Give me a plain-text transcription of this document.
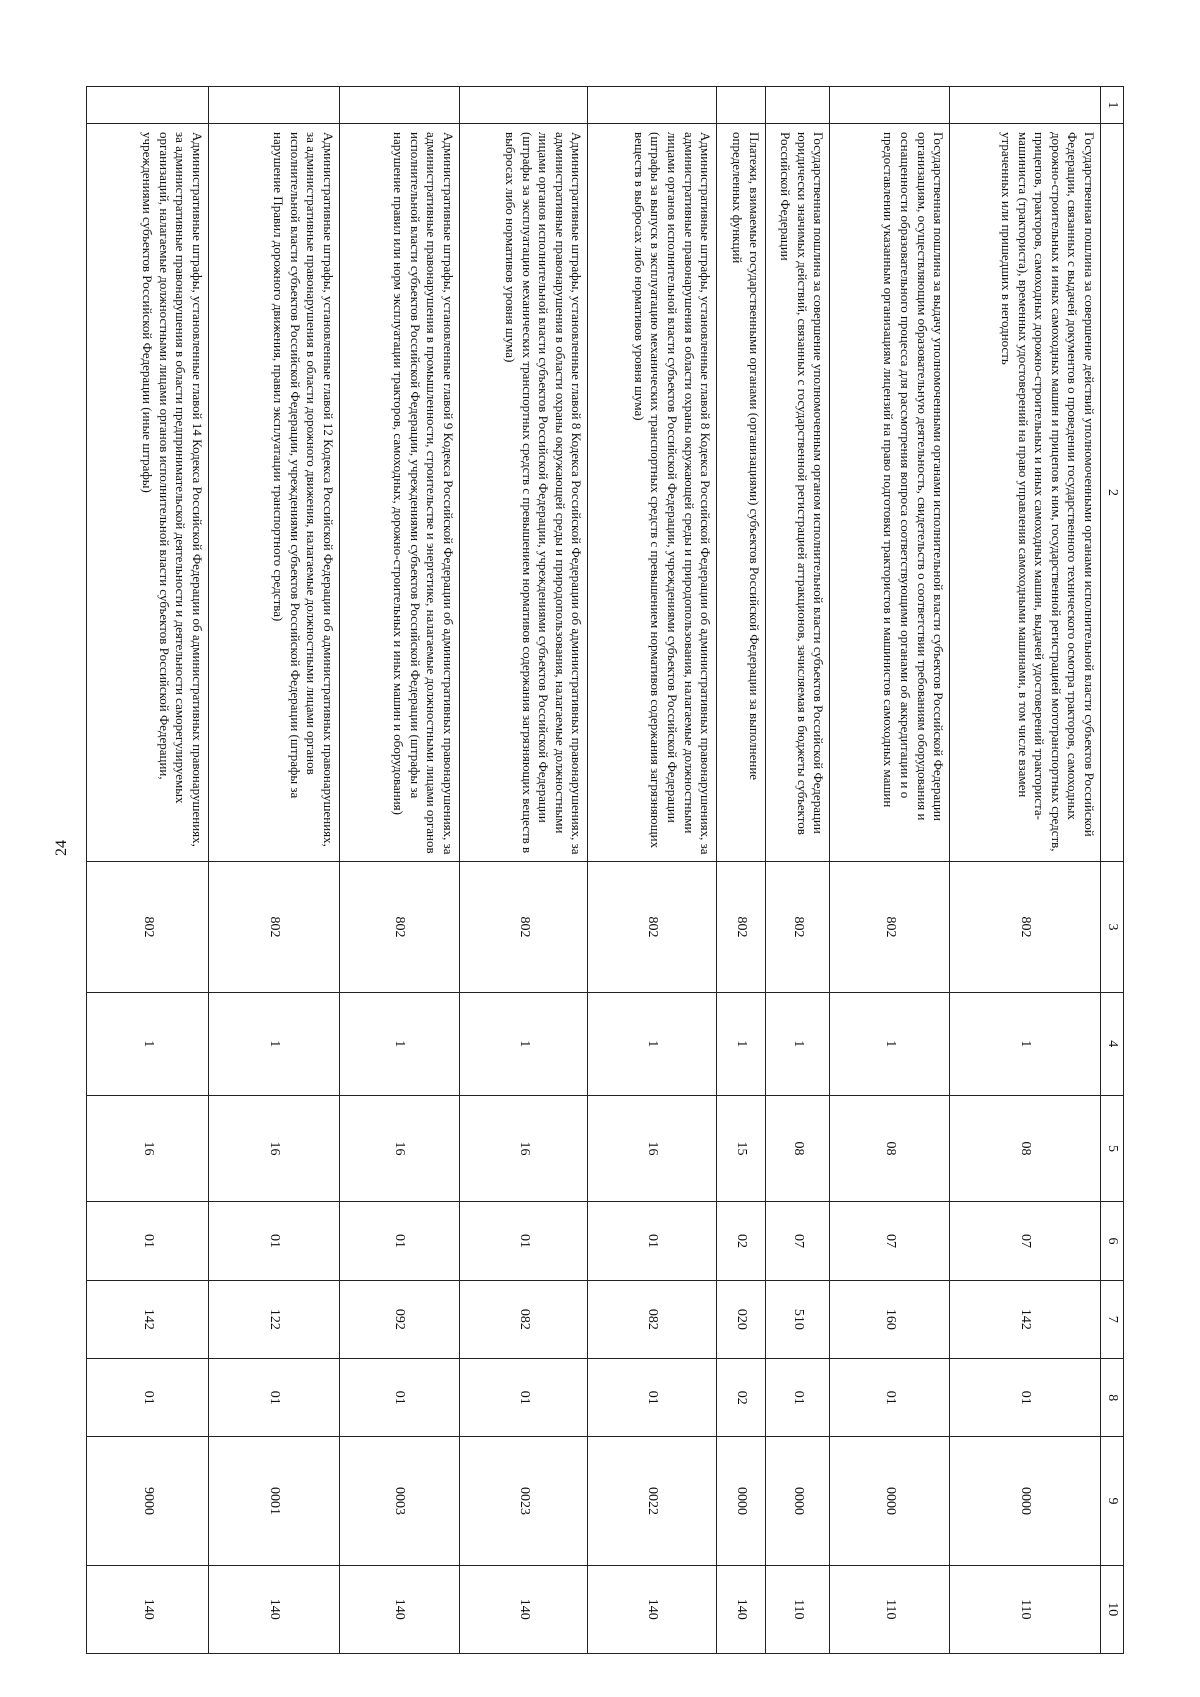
24
1	2	3	4	5	6	7	8	9	10
	Государственная пошлина за совершение действий уполномоченными органами исполнительной власти субъектов Российской Федерации, связанных с выдачей документов о проведении государственного технического осмотра тракторов, самоходных дорожно-строительных и иных самоходных машин и прицепов к ним, государственной регистрацией мототранспортных средств, прицепов, тракторов, самоходных дорожно-строительных и иных самоходных машин, выдачей удостоверений тракториста-машиниста (тракториста), временных удостоверений на право управления самоходными машинами, в том числе взамен утраченных или пришедших в негодность	802	1	08	07	142	01	0000	110
	Государственная пошлина за выдачу уполномоченными органами исполнительной власти субъектов Российской Федерации организациям, осуществляющим образовательную деятельность, свидетельств о соответствии требованиям оборудования и оснащенности образовательного процесса для рассмотрения вопроса соответствующими органами об аккредитации и о предоставлении указанным организациям лицензий на право подготовки трактористов и машинистов самоходных машин	802	1	08	07	160	01	0000	110
	Государственная пошлина за совершение уполномоченным органом исполнительной власти субъектов Российской Федерации юридически значимых действий, связанных с государственной регистрацией аттракционов, зачисляемая в бюджеты субъектов Российской Федерации	802	1	08	07	510	01	0000	110
	Платежи, взимаемые государственными органами (организациями) субъектов Российской Федерации за выполнение определенных функций	802	1	15	02	020	02	0000	140
	Административные штрафы, установленные главой 8 Кодекса Российской Федерации об административных правонарушениях, за административные правонарушения в области охраны окружающей среды и природопользования, налагаемые должностными лицами органов исполнительной власти субъектов Российской Федерации, учреждениями субъектов Российской Федерации (штрафы за выпуск в эксплуатацию механических транспортных средств с превышением нормативов содержания загрязняющих веществ в выбросах либо нормативов уровня шума)	802	1	16	01	082	01	0022	140
	Административные штрафы, установленные главой 8 Кодекса Российской Федерации об административных правонарушениях, за административные правонарушения в области охраны окружающей среды и природопользования, налагаемые должностными лицами органов исполнительной власти субъектов Российской Федерации, учреждениями субъектов Российской Федерации (штрафы за эксплуатацию механических транспортных средств с превышением нормативов содержания загрязняющих веществ в выбросах либо нормативов уровня шума)	802	1	16	01	082	01	0023	140
	Административные штрафы, установленные главой 9 Кодекса Российской Федерации об административных правонарушениях, за административные правонарушения в промышленности, строительстве и энергетике, налагаемые должностными лицами органов исполнительной власти субъектов Российской Федерации, учреждениями субъектов Российской Федерации (штрафы за нарушение правил или норм эксплуатации тракторов, самоходных, дорожно-строительных и иных машин и оборудования)	802	1	16	01	092	01	0003	140
	Административные штрафы, установленные главой 12 Кодекса Российской Федерации об административных правонарушениях, за административные правонарушения в области дорожного движения, налагаемые должностными лицами органов исполнительной власти субъектов Российской Федерации, учреждениями субъектов Российской Федерации (штрафы за нарушение Правил дорожного движения, правил эксплуатации транспортного средства)	802	1	16	01	122	01	0001	140
	Административные штрафы, установленные главой 14 Кодекса Российской Федерации об административных правонарушениях, за административные правонарушения в области предпринимательской деятельности и деятельности саморегулируемых организаций, налагаемые должностными лицами органов исполнительной власти субъектов Российской Федерации, учреждениями субъектов Российской Федерации (иные штрафы)	802	1	16	01	142	01	9000	140
